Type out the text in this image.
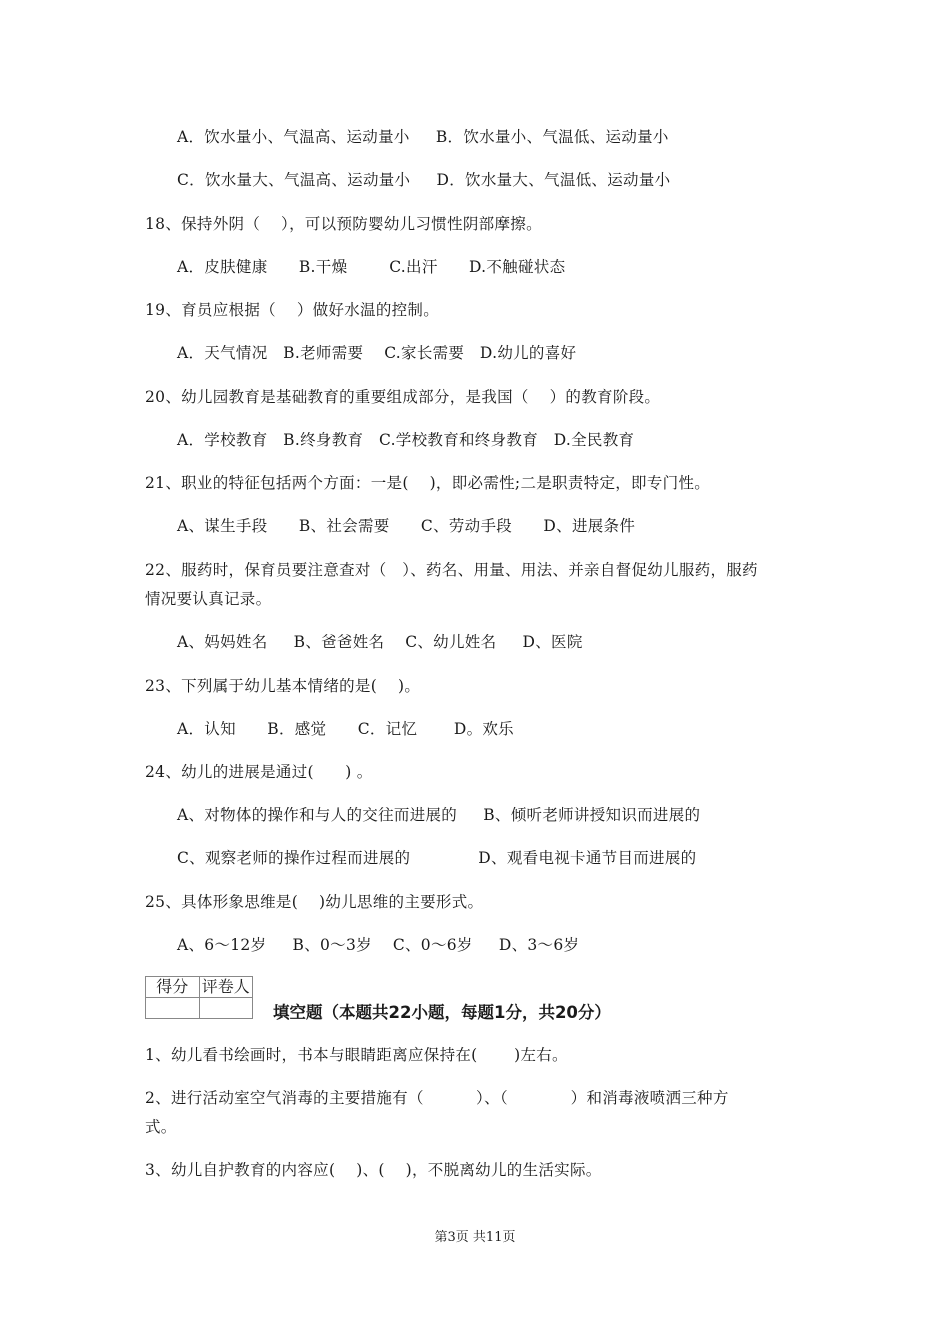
A．饮水量小、气温高、运动量小     B．饮水量小、气温低、运动量小
C．饮水量大、气温高、运动量小     D．饮水量大、气温低、运动量小
18、保持外阴（    ），可以预防婴幼儿习惯性阴部摩擦。
A．皮肤健康      B.干燥        C.出汗      D.不触碰状态
19、育员应根据（    ）做好水温的控制。
A．天气情况   B.老师需要    C.家长需要   D.幼儿的喜好
20、幼儿园教育是基础教育的重要组成部分，是我国（    ）的教育阶段。
A．学校教育   B.终身教育   C.学校教育和终身教育   D.全民教育
21、职业的特征包括两个方面：一是(    )，即必需性;二是职责特定，即专门性。
A、谋生手段      B、社会需要      C、劳动手段      D、进展条件
22、服药时，保育员要注意查对（   ）、药名、用量、用法、并亲自督促幼儿服药，服药
情况要认真记录。
A、妈妈姓名     B、爸爸姓名    C、幼儿姓名     D、医院
23、下列属于幼儿基本情绪的是(    )。
A．认知      B．感觉      C．记忆       D。欢乐
24、幼儿的进展是通过(      ) 。
A、对物体的操作和与人的交往而进展的     B、倾听老师讲授知识而进展的
C、观察老师的操作过程而进展的             D、观看电视卡通节目而进展的
25、具体形象思维是(    )幼儿思维的主要形式。
A、6～12岁     B、0～3岁    C、0～6岁     D、3～6岁
得分	评卷人

填空题（本题共22小题，每题1分，共20分）
1、幼儿看书绘画时，书本与眼睛距离应保持在(       )左右。
2、进行活动室空气消毒的主要措施有（          ）、（            ）和消毒液喷洒三种方
式。
3、幼儿自护教育的内容应(    )、(    )，不脱离幼儿的生活实际。
第3页 共11页
